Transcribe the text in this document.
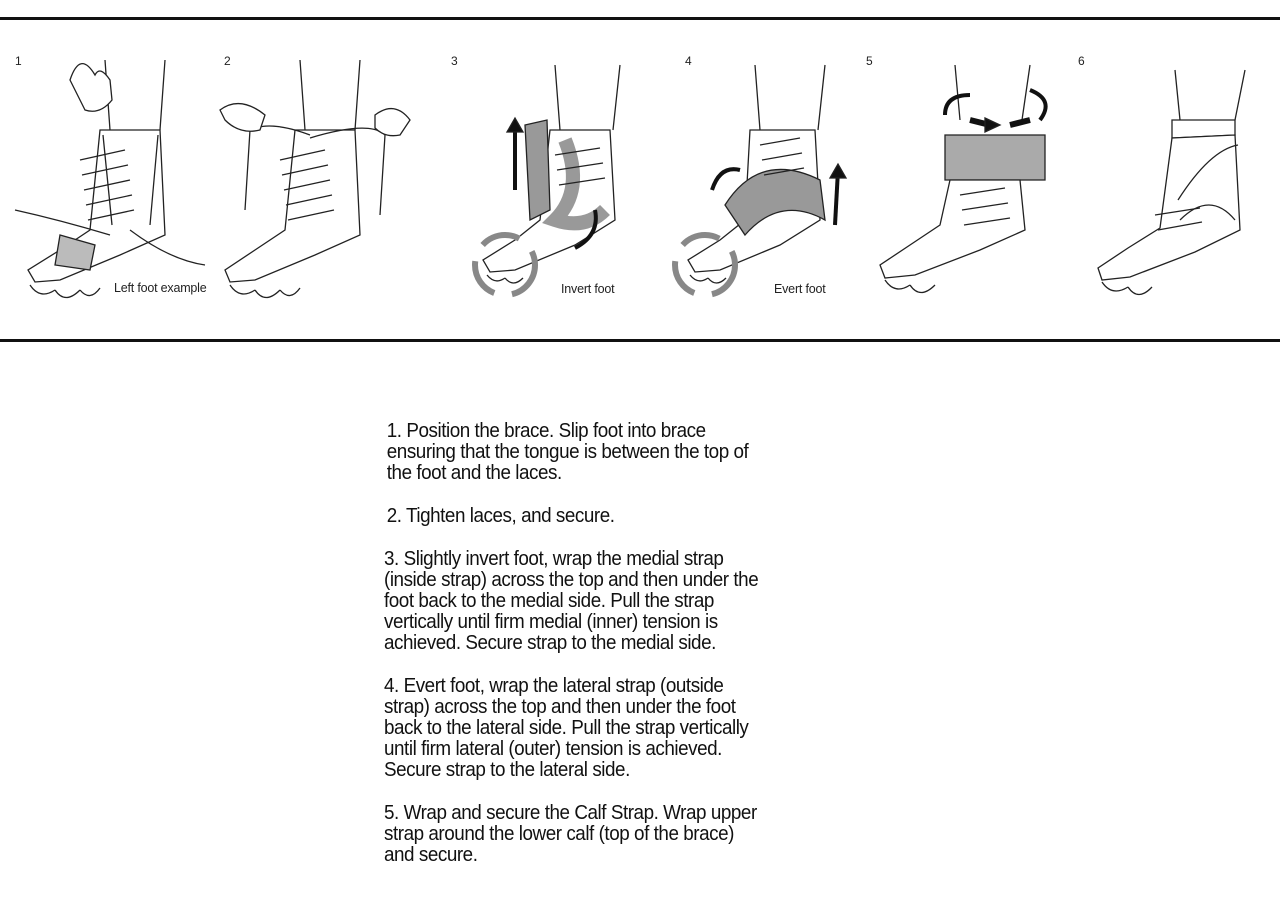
1
Left foot example
2	3
Invert foot
4
Evert foot
5	6

1. Position the brace. Slip foot into brace ensuring that the tongue is between the top of the foot and the laces.

2. Tighten laces, and secure.

3. Slightly invert foot, wrap the medial strap (inside strap) across the top and then under the foot back to the medial side. Pull the strap vertically until firm medial (inner) tension is achieved. Secure strap to the medial side.

4. Evert foot, wrap the lateral strap (outside strap) across the top and then under the foot back to the lateral side. Pull the strap vertically until firm lateral (outer) tension is achieved. Secure strap to the lateral side.

5. Wrap and secure the Calf Strap. Wrap upper strap around the lower calf (top of the brace) and secure.
